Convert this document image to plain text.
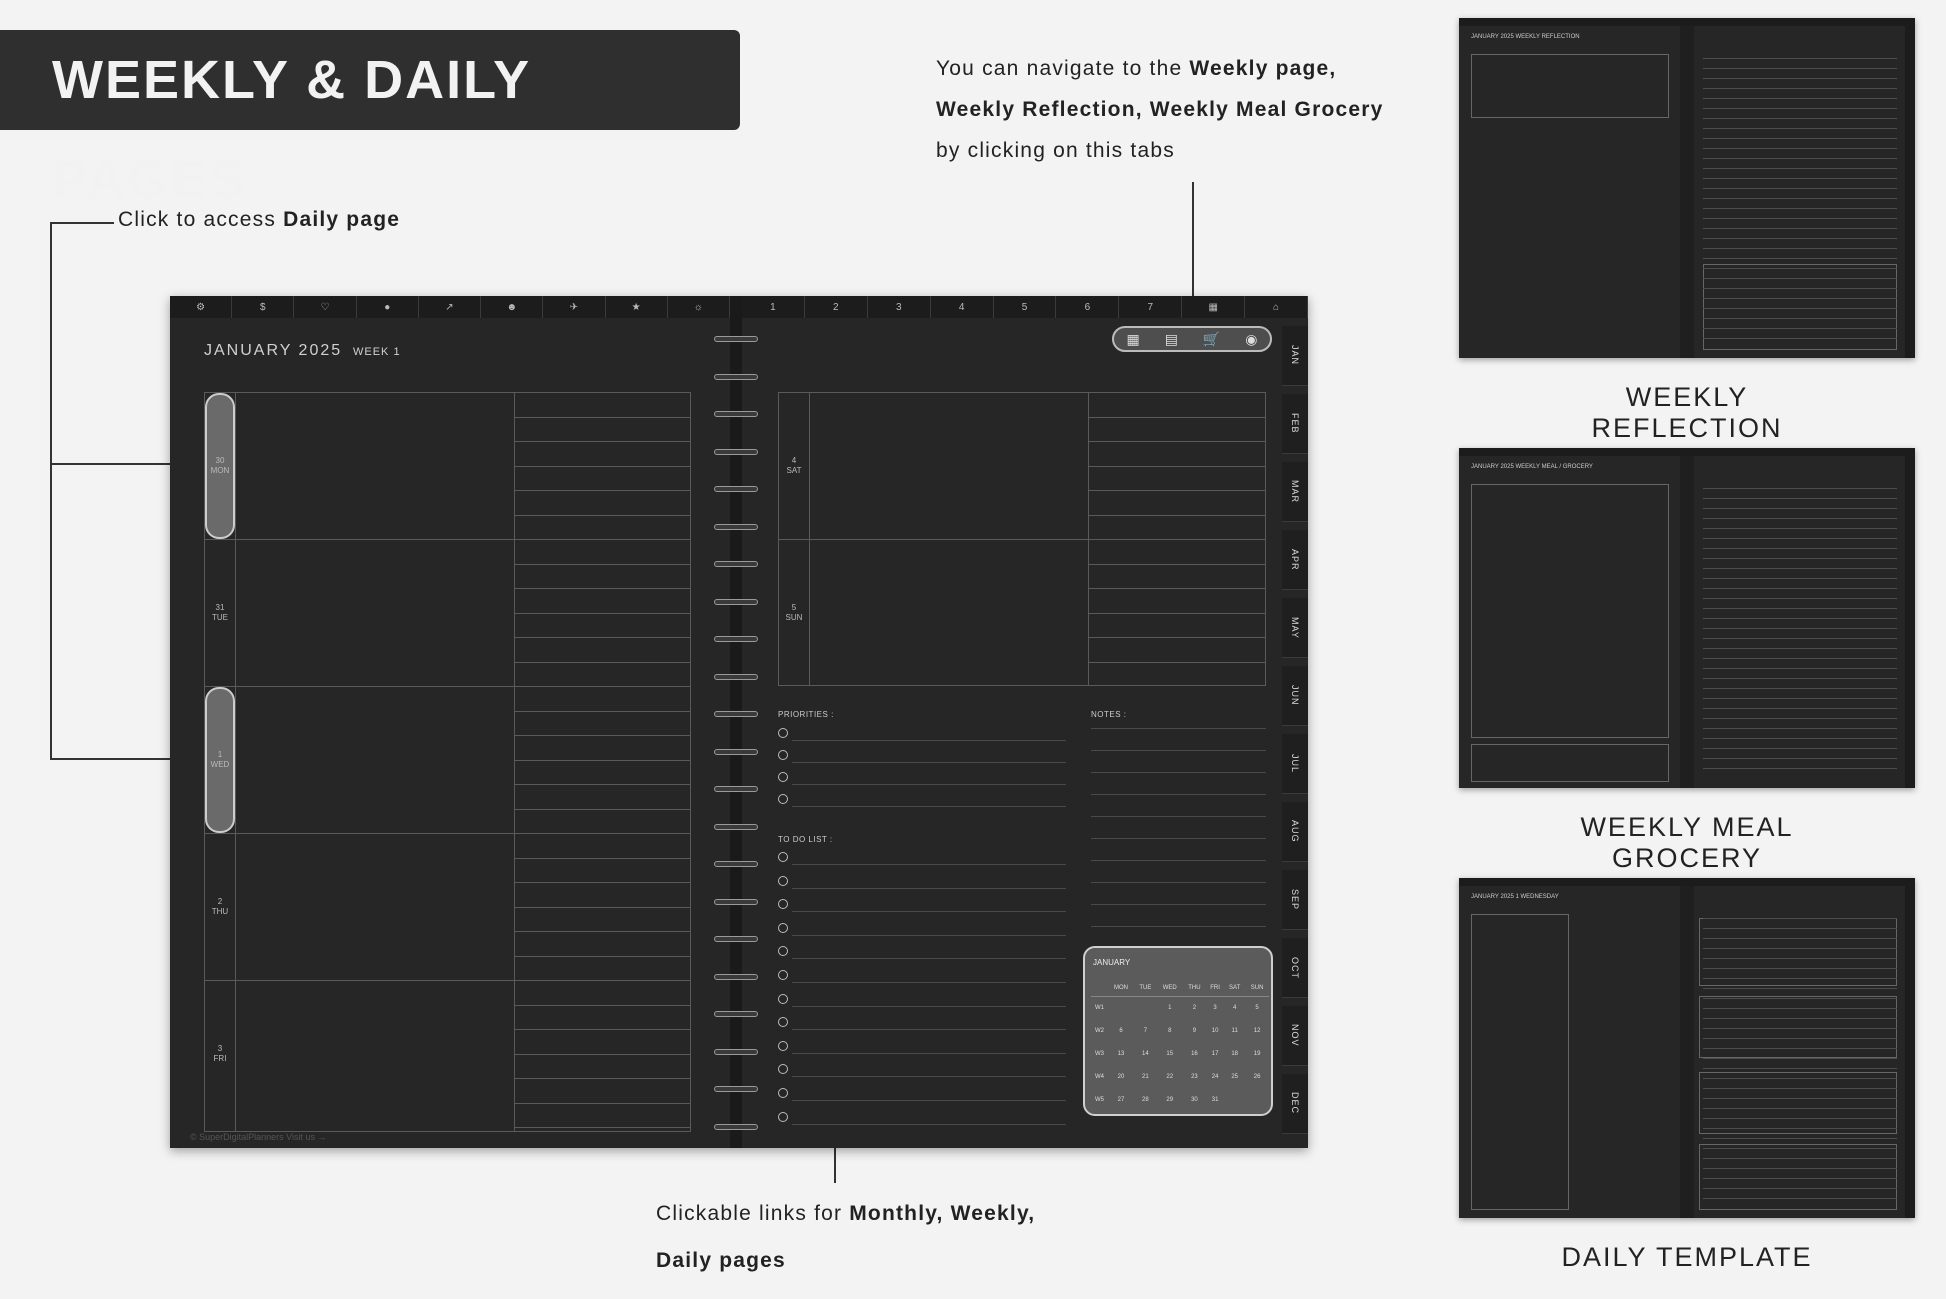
WEEKLY & DAILY PAGES
Click to access Daily page
You can navigate to the Weekly page,
Weekly Reflection, Weekly Meal Grocery
by clicking on this tabs
Clickable links for Monthly, Weekly,
Daily pages
⚙	$	♡	●	↗	☻	✈	★	☼	1	2	3	4	5	6	7	▦	⌂
JANUARY 2025 WEEK 1
30
MON
31
TUE
1
WED
2
THU
3
FRI
▦ ▤ 🛒 ◉
4
SAT
5
SUN
PRIORITIES :
TO DO LIST :
NOTES :
JAN
FEB
MAR
APR
MAY
JUN
JUL
AUG
SEP
OCT
NOV
DEC
JANUARY
	MON	TUE	WED	THU	FRI	SAT	SUN
W1			1	2	3	4	5
W2	6	7	8	9	10	11	12
W3	13	14	15	16	17	18	19
W4	20	21	22	23	24	25	26
W5	27	28	29	30	31		
© SuperDigitalPlanners Visit us →
JANUARY 2025 WEEKLY REFLECTION
WEEKLY REFLECTION
JANUARY 2025 WEEKLY MEAL / GROCERY
WEEKLY MEAL GROCERY
JANUARY 2025 1 WEDNESDAY
DAILY TEMPLATE
